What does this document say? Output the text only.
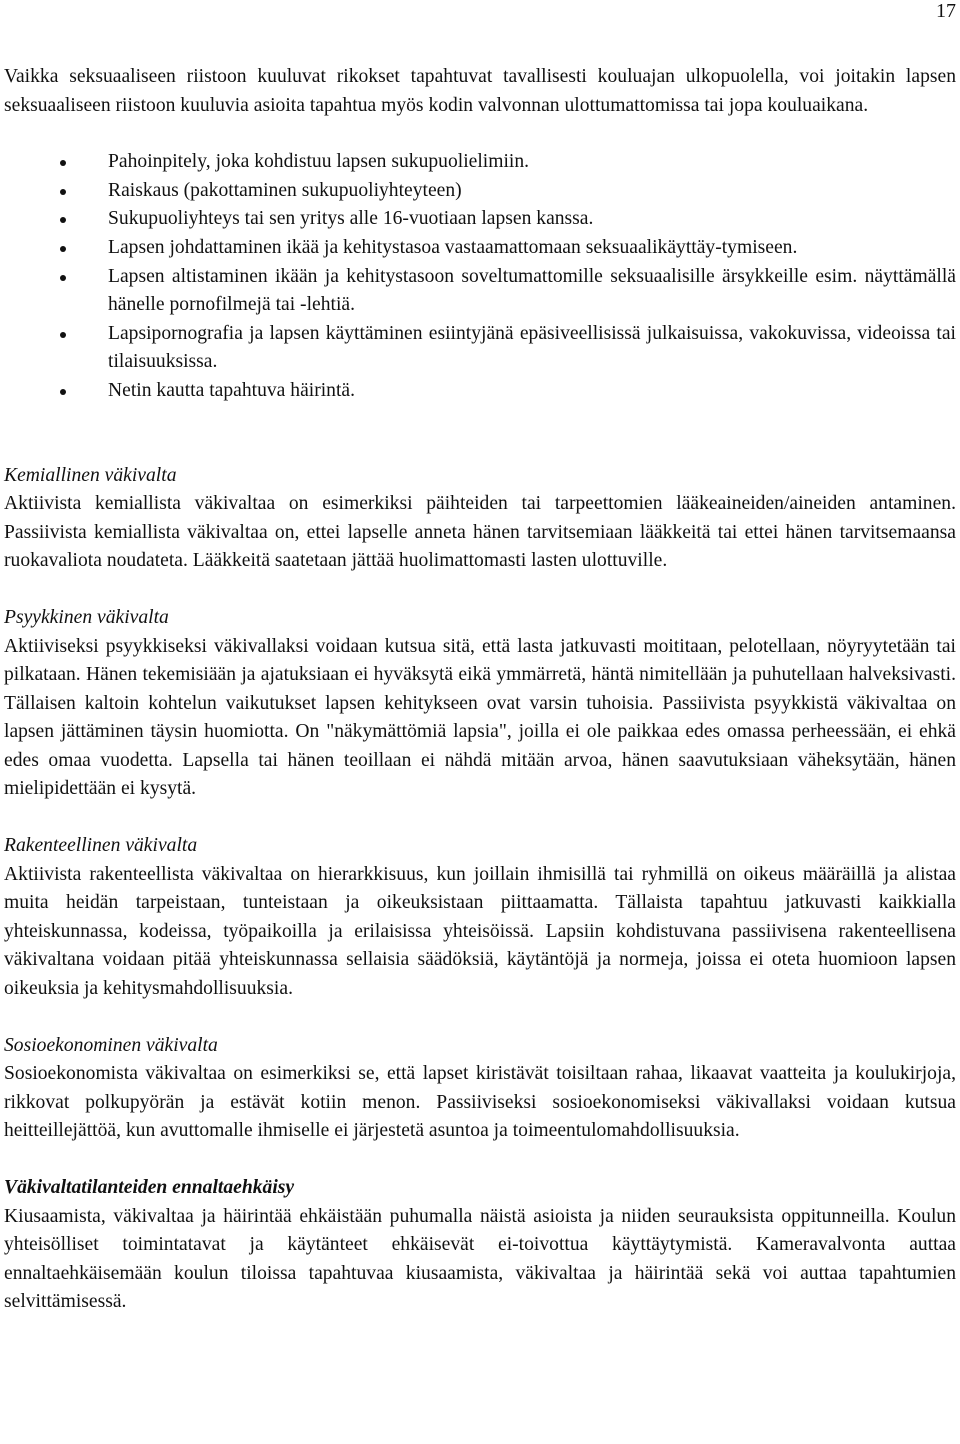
17

Vaikka seksuaaliseen riistoon kuuluvat rikokset tapahtuvat tavallisesti kouluajan ulkopuolella, voi joitakin lapsen seksuaaliseen riistoon kuuluvia asioita tapahtua myös kodin valvonnan ulottumattomissa tai jopa kouluaikana.

Pahoinpitely, joka kohdistuu lapsen sukupuolielimiin.
Raiskaus (pakottaminen sukupuoliyhteyteen)
Sukupuoliyhteys tai sen yritys alle 16-vuotiaan lapsen kanssa.
Lapsen johdattaminen ikää ja kehitystasoa vastaamattomaan seksuaalikäyttäy-tymiseen.
Lapsen altistaminen ikään ja kehitystasoon soveltumattomille seksuaalisille ärsykkeille esim. näyttämällä hänelle pornofilmejä tai -lehtiä.
Lapsipornografia ja lapsen käyttäminen esiintyjänä epäsiveellisissä julkaisuissa, vakokuvissa, videoissa tai tilaisuuksissa.
Netin kautta tapahtuva häirintä.
Kemiallinen väkivalta

Aktiivista kemiallista väkivaltaa on esimerkiksi päihteiden tai tarpeettomien lääkeaineiden/aineiden antaminen. Passiivista kemiallista väkivaltaa on, ettei lapselle anneta hänen tarvitsemiaan lääkkeitä tai ettei hänen tarvitsemaansa ruokavaliota noudateta. Lääkkeitä saatetaan jättää huolimattomasti lasten ulottuville.

Psyykkinen väkivalta

Aktiiviseksi psyykkiseksi väkivallaksi voidaan kutsua sitä, että lasta jatkuvasti moititaan, pelotellaan, nöyryytetään tai pilkataan. Hänen tekemisiään ja ajatuksiaan ei hyväksytä eikä ymmärretä, häntä nimitellään ja puhutellaan halveksivasti. Tällaisen kaltoin kohtelun vaikutukset lapsen kehitykseen ovat varsin tuhoisia. Passiivista psyykkistä väkivaltaa on lapsen jättäminen täysin huomiotta. On "näkymättömiä lapsia", joilla ei ole paikkaa edes omassa perheessään, ei ehkä edes omaa vuodetta. Lapsella tai hänen teoillaan ei nähdä mitään arvoa, hänen saavutuksiaan väheksytään, hänen mielipidettään ei kysytä.

Rakenteellinen väkivalta

Aktiivista rakenteellista väkivaltaa on hierarkkisuus, kun joillain ihmisillä tai ryhmillä on oikeus määräillä ja alistaa muita heidän tarpeistaan, tunteistaan ja oikeuksistaan piittaamatta. Tällaista tapahtuu jatkuvasti kaikkialla yhteiskunnassa, kodeissa, työpaikoilla ja erilaisissa yhteisöissä. Lapsiin kohdistuvana passiivisena rakenteellisena väkivaltana voidaan pitää yhteiskunnassa sellaisia säädöksiä, käytäntöjä ja normeja, joissa ei oteta huomioon lapsen oikeuksia ja kehitysmahdollisuuksia.

Sosioekonominen väkivalta

Sosioekonomista väkivaltaa on esimerkiksi se, että lapset kiristävät toisiltaan rahaa, likaavat vaatteita ja koulukirjoja, rikkovat polkupyörän ja estävät kotiin menon. Passiiviseksi sosioekonomiseksi väkivallaksi voidaan kutsua heitteillejättöä, kun avuttomalle ihmiselle ei järjestetä asuntoa ja toimeentulomahdollisuuksia.

Väkivaltatilanteiden ennaltaehkäisy

Kiusaamista, väkivaltaa ja häirintää ehkäistään puhumalla näistä asioista ja niiden seurauksista oppitunneilla. Koulun yhteisölliset toimintatavat ja käytänteet ehkäisevät ei-toivottua käyttäytymistä. Kameravalvonta auttaa ennaltaehkäisemään koulun tiloissa tapahtuvaa kiusaamista, väkivaltaa ja häirintää sekä voi auttaa tapahtumien selvittämisessä.
